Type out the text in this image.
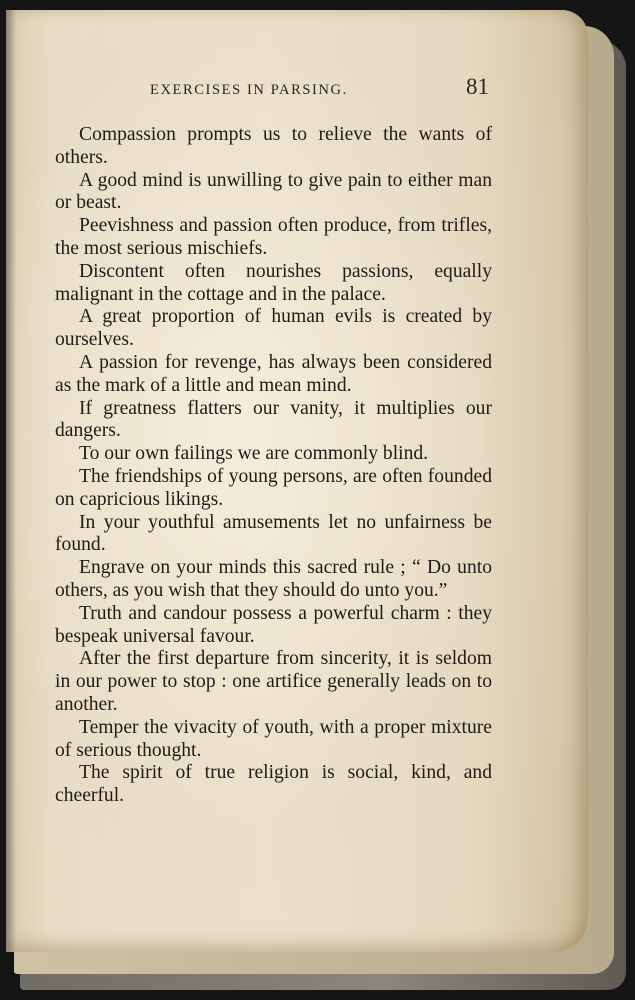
EXERCISES IN PARSING.	81

Compassion prompts us to relieve the wants of others.

A good mind is unwilling to give pain to either man or beast.

Peevishness and passion often produce, from trifles, the most serious mischiefs.

Discontent often nourishes passions, equally malignant in the cottage and in the palace.

A great proportion of human evils is created by ourselves.

A passion for revenge, has always been considered as the mark of a little and mean mind.

If greatness flatters our vanity, it multiplies our dangers.

To our own failings we are commonly blind.

The friendships of young persons, are often founded on capricious likings.

In your youthful amusements let no unfairness be found.

Engrave on your minds this sacred rule ; “ Do unto others, as you wish that they should do unto you.”

Truth and candour possess a powerful charm : they bespeak universal favour.

After the first departure from sincerity, it is seldom in our power to stop : one artifice generally leads on to another.

Temper the vivacity of youth, with a proper mixture of serious thought.

The spirit of true religion is social, kind, and cheerful.
